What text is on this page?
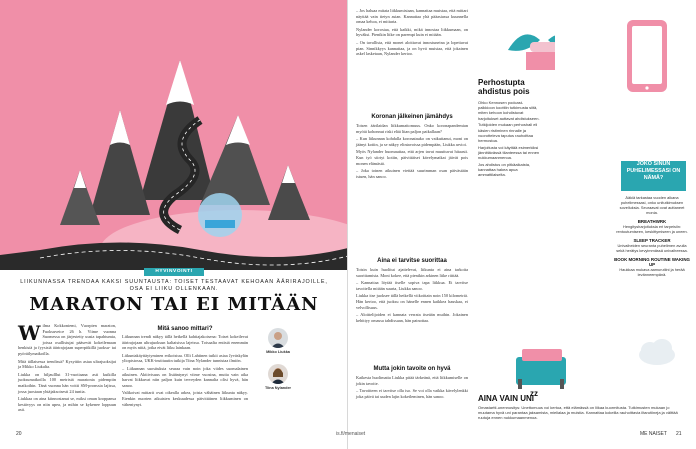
HYVINVOINTI
LIIKUNNASSA TRENDAA KAKSI SUUNTAUSTA: TOISET TESTAAVAT KEHOAAN ÄÄRIRAJOILLE, OSA EI LIIKU OLLENKAAN.
MARATON TAI EI MITÄÄN
W ilma Kokkoniemi, Vuorpien maraton, Fuoksuveice 26 h. Viime vuonna Suomessa on järjestetty uusia tapahtumia, joissa osallistujat pääsevät kokeilemaan henkisiä ja fyysisiä äärirajojaan superpitkillä juoksu- tai pyöräilymatkoilla.

Mitä tällaisessa trendissä? Kysyttiin asiaa ultrajuoksijat ja Mikko Liukalta.

Liukka on hiljaulllut 31-vuotiaana asti kuikilla juoksumatkoilla 100 metristä maratonia pidempiin matkoihin. Tänä vuonna hän voitti SM-pronssia lajissa, jossa juostaan yhtäjaksoisesti 24 tuntia.

Liukkaa on aina kiinnostanut se, miksi oman kroppansa kestävyys on niin upea, ja mihin se kykenee loppuun asti.

Mitä sanoo mittari?

Liikunnan trendi näkyy tällä hetkellä kahtiajakoisena: Toiset kokeilevat äärirajojaan ultrajuoksun kaltaisissa lajeissa. Toisaalta entistä enemmän on myös niitä, jotka eivät liiku lainkaan.

Liikuntakäyttäytyminen erikoistuu. Olli Lahtinen tutkii asiaa Jyväskylän yliopistossa, UKK-instituutin tutkija Tiina Nylander tunnistaa ilmiön.

– Liikunnan suosituksia seuraa vain noin joka viides suomalainen aikuinen. Aktiivisuus on lisääntynyt viime vuosina, mutta vain aika harvat liikkuvat niin paljon kuin terveyden kannalta olisi hyvä, hän sanoo.

Valikoivat mittarit ovat oikealla arkea, joista vähäinen liikunta näkyy. Etenkin nuorten aikuisten keskuudessa päivittäinen liikkuminen on vähentynyt.

Mikko Liukka
Tiina Nylander
20

– Jos haluaa mitata liikkumistaan, kannattaa muistaa, että mittari näyttää vain tietyn asian. Kannattaa yhä pääasiassa kuunnella omaa kehoa, ei mittaria.

Nylander korostaa, että kaikki, mikä innostaa liikkumaan, on hyväksi. Pienikin liike on parempi kuin ei mitään.

– On tavallista, että monet aloittavat innostuneina ja lopettavat pian. Sinnikkyys kannattaa, ja on hyvä muistaa, että jokainen askel lasketaan, Nylander kertoo.

Koronan jälkeinen jämähdys

Toisen äärilaidan liikkumattomuus. Onko koronapandemian myötä kohonnut riski elää liian paljon paikallaan?

– Kun liikunnan kohdalla koronatauko on vaikuttanut, moni on jäänyt kotiin, ja se näkyy elintavoissa pidempään, Liukka arvioi.

Myös Nylander huomauttaa, että arjen tavat muuttuvat hitaasti. Kun työ siirtyi kotiin, päivittäiset kävelymatkat jäivät pois monen elämästä.

– Joka toinen aikuinen viettää suurimman osan päivästään istuen, hän sanoo.

Aina ei tarvitse suorittaa

Toisin kuin huolitut ajattelevat, liikunta ei aina tarkoita suorittamista. Moni kokee, että pienikin arkinen liike riittää.

– Kannattaa löytää itselle sopiva tapa liikkua. Ei tarvitse tavoitella mitään suurta, Liukka sanoo.

Liukka itse juoksee tällä hetkellä viikoittain noin 150 kilometriä. Hän kertoo, että juoksu on hänelle ennen kaikkea hauskaa, ei velvollisuus.

– Aloittelijoiden ei kannata verrata itseään muihin. Jokainen kehittyy omassa tahdissaan, hän painottaa.

Mutta jokin tavoite on hyvä

Kaikesta huolimatta Liukka pitää tärkeänä, että liikkumiselle on jokin tavoite.

– Tavoitteen ei tarvitse olla iso. Se voi olla vaikka kävelylenkki joka päivä tai uuden lajin kokeileminen, hän sanoo.

is.fi/menaiset
Perhostupta ahdistus pois

Ohko Kennosen podcast-palkkioon koottiin tutkimusta siitä, miten kehoon kohdistuvat harjoitukset auttavat ahdistukseen.

Tutkijoiden mukaan perhoshali eli käsien ristiminen rinnalle ja vuorotteleva taputus rauhoittaa hermostoa.

Harjoitusta voi käyttää esimerkiksi jännittävässä tilanteessa tai ennen nukkumaanmenoa.

Jos ahdistus on pitkäaikaista, kannattaa hakea apua ammattilaiselta.

JOKO SINUN PUHELIMESSASI ON NÄMÄ?
Ääkiä tarkastaa vuoden alkana puhelimessasi, onko unitutkimuksen sovelluksia. Seuraavat ovat auttaneet monia.
BREATHWRK
Hengitysharjoituksia eri tarpeisiin: rentoutumiseen, keskittymiseen ja uneen.
SLEEP TRACKER
Univaiheiden seuranta puhelimen avulla sekä herätys kevyimmässä univaiheessa.
BOOK MORNING ROUTINE WAKING UP
Haukkaa mukava aamurutiini ja herää levänneempänä.
zz
AINA VAIN UNI

Omastartti-unennositys: Unettomuus voi kertoa, että elämässä on liikaa kuormitusta. Tutkimusten mukaan jo muutama hyvä uni parantaa jaksamista, mielialaa ja muistia. Kannattaa kokeilla rauhoittavia iltarutiineja ja välttää ruutuja ennen nukkumaanmenoa.

ME NAISET 21
